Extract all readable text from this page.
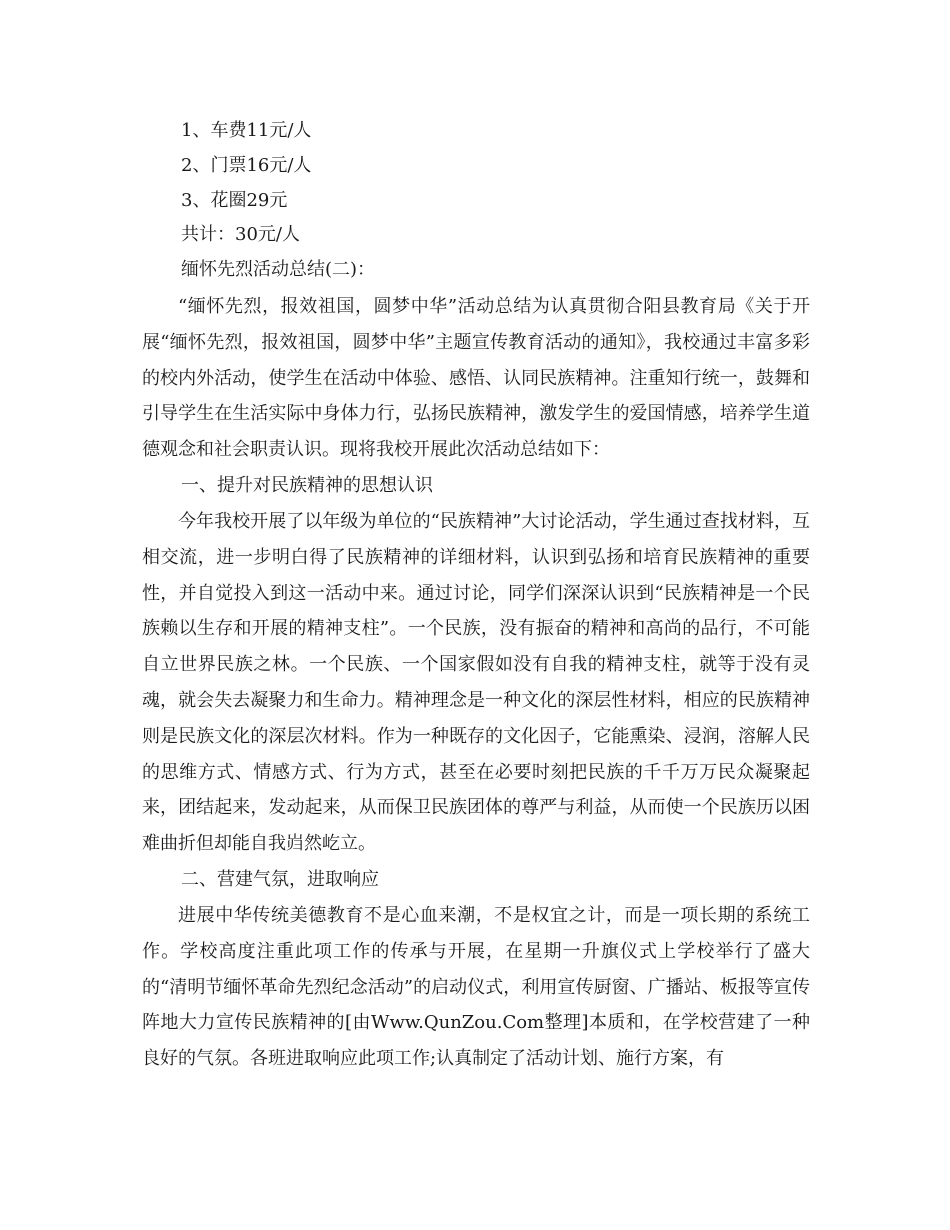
1、车费11元/人
2、门票16元/人
3、花圈29元
共计：30元/人
缅怀先烈活动总结(二)：

“缅怀先烈，报效祖国，圆梦中华”活动总结为认真贯彻合阳县教育局《关于开展“缅怀先烈，报效祖国，圆梦中华”主题宣传教育活动的通知》，我校通过丰富多彩的校内外活动，使学生在活动中体验、感悟、认同民族精神。注重知行统一，鼓舞和引导学生在生活实际中身体力行，弘扬民族精神，激发学生的爱国情感，培养学生道德观念和社会职责认识。现将我校开展此次活动总结如下：

一、提升对民族精神的思想认识

今年我校开展了以年级为单位的“民族精神”大讨论活动，学生通过查找材料，互相交流，进一步明白得了民族精神的详细材料，认识到弘扬和培育民族精神的重要性，并自觉投入到这一活动中来。通过讨论，同学们深深认识到“民族精神是一个民族赖以生存和开展的精神支柱”。一个民族，没有振奋的精神和高尚的品行，不可能自立世界民族之林。一个民族、一个国家假如没有自我的精神支柱，就等于没有灵魂，就会失去凝聚力和生命力。精神理念是一种文化的深层性材料，相应的民族精神则是民族文化的深层次材料。作为一种既存的文化因子，它能熏染、浸润，溶解人民的思维方式、情感方式、行为方式，甚至在必要时刻把民族的千千万万民众凝聚起来，团结起来，发动起来，从而保卫民族团体的尊严与利益，从而使一个民族历以困难曲折但却能自我岿然屹立。

二、营建气氛，进取响应

进展中华传统美德教育不是心血来潮，不是权宜之计，而是一项长期的系统工作。学校高度注重此项工作的传承与开展，在星期一升旗仪式上学校举行了盛大的“清明节缅怀革命先烈纪念活动”的启动仪式，利用宣传厨窗、广播站、板报等宣传阵地大力宣传民族精神的[由Www.QunZou.Com整理]本质和，在学校营建了一种良好的气氛。各班进取响应此项工作;认真制定了活动计划、施行方案，有
